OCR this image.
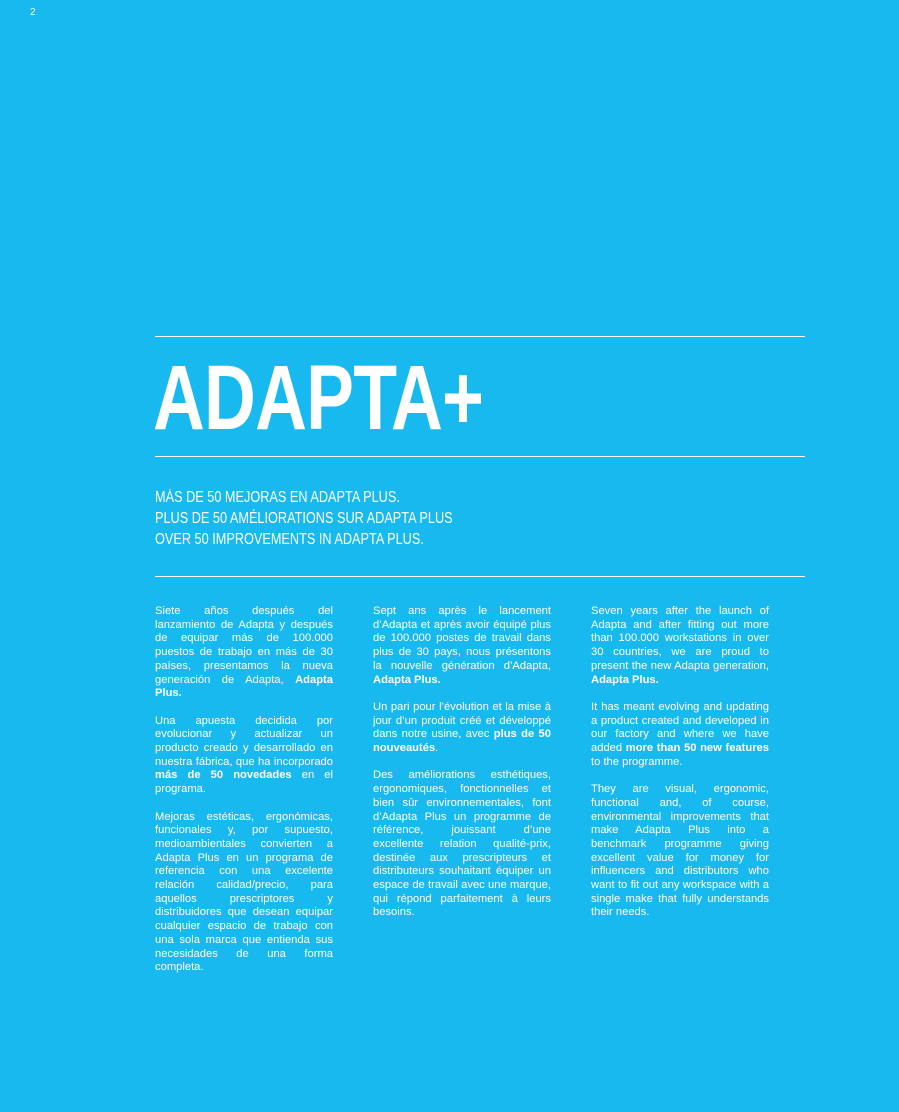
2
ADAPTA+
MÁS DE 50 MEJORAS EN ADAPTA PLUS.
PLUS DE 50 AMÉLIORATIONS SUR ADAPTA PLUS
OVER 50 IMPROVEMENTS IN ADAPTA PLUS.

Siete años después del lanzamiento de Adapta y después de equipar más de 100.000 puestos de trabajo en más de 30 países, presentamos la nueva generación de Adapta, Adapta Plus.

Una apuesta decidida por evolucionar y actualizar un producto creado y desarrollado en nuestra fábrica, que ha incorporado más de 50 novedades en el programa.

Mejoras estéticas, ergonómicas, funcionales y, por supuesto, medioambientales convierten a Adapta Plus en un programa de referencia con una excelente relación calidad/precio, para aquellos prescriptores y distribuidores que desean equipar cualquier espacio de trabajo con una sola marca que entienda sus necesidades de una forma completa.

Sept ans après le lancement d’Adapta et après avoir équipé plus de 100.000 postes de travail dans plus de 30 pays, nous présentons la nouvelle génération d’Adapta, Adapta Plus.

Un pari pour l’évolution et la mise à jour d’un produit créé et développé dans notre usine, avec plus de 50 nouveautés.

Des améliorations esthétiques, ergonomiques, fonctionnelles et bien sûr environnementales, font d’Adapta Plus un programme de référence, jouissant d’une excellente relation qualité-prix, destinée aux prescripteurs et distributeurs souhaitant équiper un espace de travail avec une marque, qui répond parfaitement à leurs besoins.

Seven years after the launch of Adapta and after fitting out more than 100.000 workstations in over 30 countries, we are proud to present the new Adapta generation, Adapta Plus.

It has meant evolving and updating a product created and developed in our factory and where we have added more than 50 new features to the programme.

They are visual, ergonomic, functional and, of course, environmental improvements that make Adapta Plus into a benchmark programme giving excellent value for money for influencers and distributors who want to fit out any workspace with a single make that fully understands their needs.
